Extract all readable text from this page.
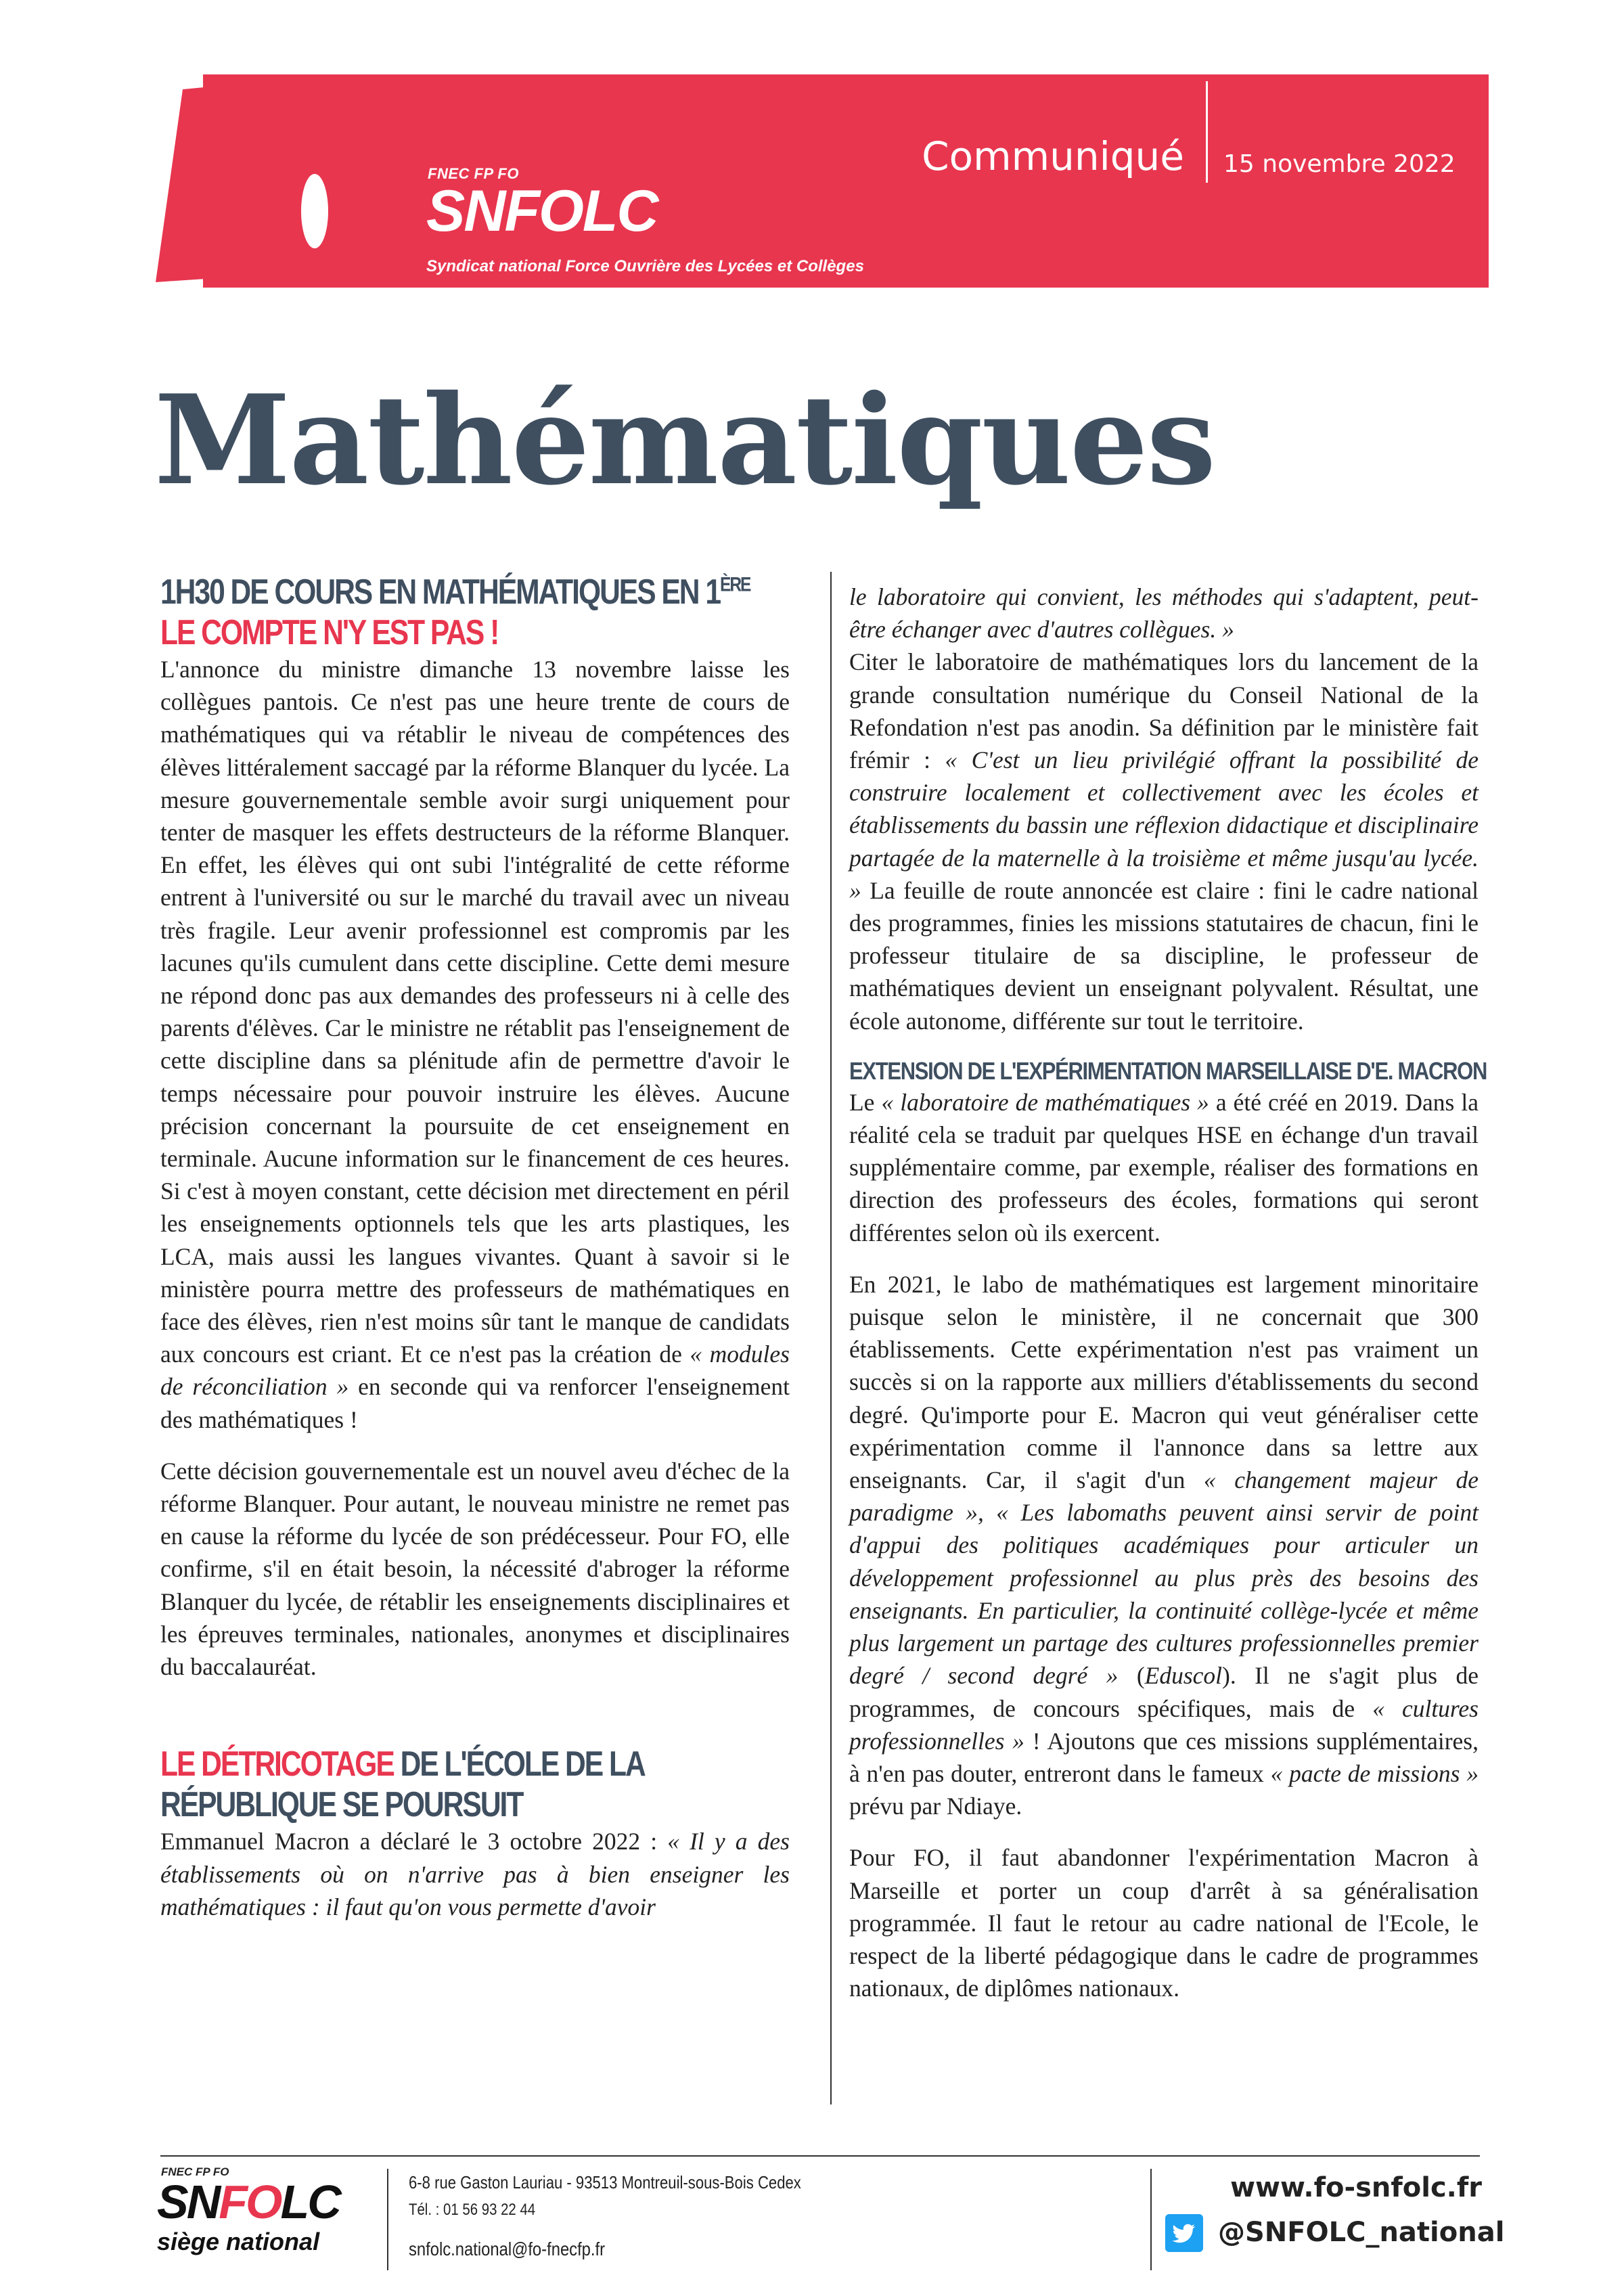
FNEC FP FO
SNFOLC
Syndicat national Force Ouvrière des Lycées et Collèges
Communiqué 15 novembre 2022
Mathématiques
1H30 DE COURS EN MATHÉMATIQUES EN 1ÈRE
LE COMPTE N'Y EST PAS !

L'annonce du ministre dimanche 13 novembre laisse les collègues pantois. Ce n'est pas une heure trente de cours de mathématiques qui va rétablir le niveau de compétences des élèves littéralement saccagé par la réforme Blanquer du lycée. La mesure gouvernementale semble avoir surgi uniquement pour tenter de masquer les effets destructeurs de la réforme Blanquer. En effet, les élèves qui ont subi l'intégralité de cette réforme entrent à l'université ou sur le marché du travail avec un niveau très fragile. Leur avenir professionnel est compromis par les lacunes qu'ils cumulent dans cette discipline. Cette demi mesure ne répond donc pas aux demandes des professeurs ni à celle des parents d'élèves. Car le ministre ne rétablit pas l'enseignement de cette discipline dans sa plénitude afin de permettre d'avoir le temps nécessaire pour pouvoir instruire les élèves. Aucune précision concernant la poursuite de cet enseignement en terminale. Aucune information sur le financement de ces heures. Si c'est à moyen constant, cette décision met directement en péril les enseignements optionnels tels que les arts plastiques, les LCA, mais aussi les langues vivantes. Quant à savoir si le ministère pourra mettre des professeurs de mathématiques en face des élèves, rien n'est moins sûr tant le manque de candidats aux concours est criant. Et ce n'est pas la création de « modules de réconciliation » en seconde qui va renforcer l'enseignement des mathématiques !

Cette décision gouvernementale est un nouvel aveu d'échec de la réforme Blanquer. Pour autant, le nouveau ministre ne remet pas en cause la réforme du lycée de son prédécesseur. Pour FO, elle confirme, s'il en était besoin, la nécessité d'abroger la réforme Blanquer du lycée, de rétablir les enseignements disciplinaires et les épreuves terminales, nationales, anonymes et disciplinaires du baccalauréat.

LE DÉTRICOTAGE DE L'ÉCOLE DE LA
RÉPUBLIQUE SE POURSUIT

Emmanuel Macron a déclaré le 3 octobre 2022 : « Il y a des établissements où on n'arrive pas à bien enseigner les mathématiques : il faut qu'on vous permette d'avoir

le laboratoire qui convient, les méthodes qui s'adaptent, peut-être échanger avec d'autres collègues. »

Citer le laboratoire de mathématiques lors du lancement de la grande consultation numérique du Conseil National de la Refondation n'est pas anodin. Sa définition par le ministère fait frémir : « C'est un lieu privilégié offrant la possibilité de construire localement et collectivement avec les écoles et établissements du bassin une réflexion didactique et disciplinaire partagée de la maternelle à la troisième et même jusqu'au lycée. » La feuille de route annoncée est claire : fini le cadre national des programmes, finies les missions statutaires de chacun, fini le professeur titulaire de sa discipline, le professeur de mathématiques devient un enseignant polyvalent. Résultat, une école autonome, différente sur tout le territoire.

EXTENSION DE L'EXPÉRIMENTATION MARSEILLAISE D'E. MACRON

Le « laboratoire de mathématiques » a été créé en 2019. Dans la réalité cela se traduit par quelques HSE en échange d'un travail supplémentaire comme, par exemple, réaliser des formations en direction des professeurs des écoles, formations qui seront différentes selon où ils exercent.

En 2021, le labo de mathématiques est largement minoritaire puisque selon le ministère, il ne concernait que 300 établissements. Cette expérimentation n'est pas vraiment un succès si on la rapporte aux milliers d'établissements du second degré. Qu'importe pour E. Macron qui veut généraliser cette expérimentation comme il l'annonce dans sa lettre aux enseignants. Car, il s'agit d'un « changement majeur de paradigme », « Les labomaths peuvent ainsi servir de point d'appui des politiques académiques pour articuler un développement professionnel au plus près des besoins des enseignants. En particulier, la continuité collège-lycée et même plus largement un partage des cultures professionnelles premier degré / second degré » (Eduscol). Il ne s'agit plus de programmes, de concours spécifiques, mais de « cultures professionnelles » ! Ajoutons que ces missions supplémentaires, à n'en pas douter, entreront dans le fameux « pacte de missions » prévu par Ndiaye.

Pour FO, il faut abandonner l'expérimentation Macron à Marseille et porter un coup d'arrêt à sa généralisation programmée. Il faut le retour au cadre national de l'Ecole, le respect de la liberté pédagogique dans le cadre de programmes nationaux, de diplômes nationaux.

FNEC FP FO
SNFOLC
siège national
6-8 rue Gaston Lauriau - 93513 Montreuil-sous-Bois Cedex
Tél. : 01 56 93 22 44
snfolc.national@fo-fnecfp.fr
www.fo-snfolc.fr
@SNFOLC_national
